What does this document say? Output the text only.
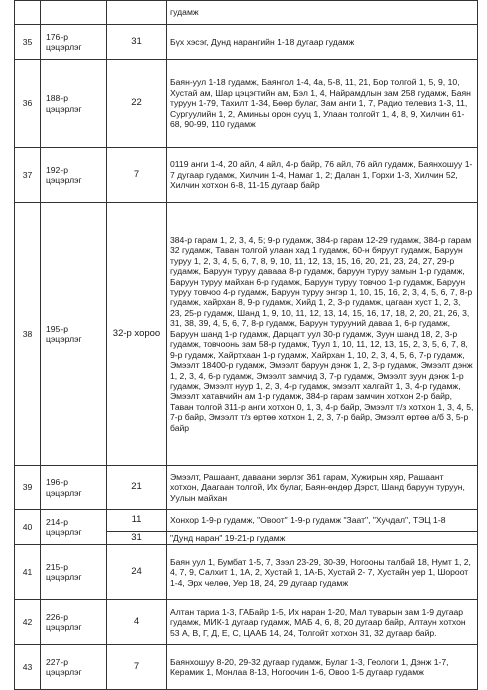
			гудамж
35	176-р цэцэрлэг	31	Бүх хэсэг, Дунд нарангийн 1-18 дугаар гудамж
36	188-р цэцэрлэг	22	Баян-уул 1-18 гудамж, Баянгол 1-4, 4а, 5-8, 11, 21, Бор толгой 1, 5, 9, 10, Хустай ам, Шар цэцэгтийн ам, Бэл 1, 4, Найрамдлын зам 258 гудамж, Баян туруун 1-79, Тахилт 1-34, Бөөр булаг, Зам анги 1, 7, Радио телевиз 1-3, 11, Сургуулийн 1, 2, Аминьы орон сууц 1, Улаан толгойт 1, 4, 8, 9, Хилчин 61-68, 90-99, 110 гудамж
37	192-р цэцэрлэг	7	0119 анги 1-4, 20 айл, 4 айл, 4-р байр, 76 айл, 76 айл гудамж, Баянхошуу 1-7 дугаар гудамж, Хилчин 1-4, Намаг 1, 2; Далан 1, Горхи 1-3, Хилчин 52, Хилчин хотхон 6-8, 11-15 дугаар байр
38	195-р цэцэрлэг	32-р хороо	384-р гарам 1, 2, 3, 4, 5; 9-р гудамж, 384-р гарам 12-29 гудамж, 384-р гарам 32 гудамж, Таван толгой улаан хад 1 гудамж, 60-н бяруут гудамж, Баруун туруу 1, 2, 3, 4, 5, 6, 7, 8, 9, 10, 11, 12, 13, 15, 16, 20, 21, 23, 24, 27, 29-р гудамж, Баруун туруу давааа 8-р гудамж, баруун туруу замын 1-р гудамж, Баруун туруу майхан 6-р гудамж, Баруун туруу товчоо 1-р гудамж, Баруун туруу товчоо 4-р гудамж, Баруун туруу энгэр 1, 10, 15, 16, 2, 3, 4, 5, 6, 7, 8-р гудамж, хайрхан 8, 9-р гудамж, Хийд 1, 2, 3-р гудамж, цагаан хуст 1, 2, 3, 23, 25-р гудамж, Шанд 1, 9, 10, 11, 12, 13, 14, 15, 16, 17, 18, 2, 20, 21, 26, 3, 31, 38, 39, 4, 5, 6, 7, 8-р гудамж, Баруун турууний даваа 1, 6-р гудамж, Баруун шанд 1-р гудамж, Дарцагт уул 30-р гудамж, Зуун шанд 18, 2, 3-р гудамж, товчоонь зам 58-р гудамж, Туул 1, 10, 11, 12, 13, 15, 2, 3, 5, 6, 7, 8, 9-р гудамж, Хайртхаан 1-р гудамж, Хайрхан 1, 10, 2, 3, 4, 5, 6, 7-р гудамж, Эмээлт 18400-р гудамж, Эмээлт баруун дэнж 1, 2, 3-р гудамж, Эмээлт дэнж 1, 2, 3, 4, 6-р гудамж, Эмээлт замчид 3, 7-р гудамж, Эмээлт зуун дэнж 1-р гудамж, Эмээлт нуур 1, 2, 3, 4-р гудамж, эмээлт халгайт 1, 3, 4-р гудамж, Эмээлт хатавчийн ам 1-р гудамж, 384-р гарам замчин хотхон 2-р байр, Таван толгой 311-р анги хотхон 0, 1, 3, 4-р байр, Эмээлт т/з хотхон 1, 3, 4, 5, 7-р байр, Эмээлт т/з өртөө хотхон 1, 2, 3, 7-р байр, Эмээлт өртөө а/б 3, 5-р байр
39	196-р цэцэрлэг	21	Эмээлт, Рашаант, даваани зөрлэг 361 гарам, Хужирын хяр, Рашаант хотхон, Даагаан толгой, Их булаг, Баян-өндөр Дэрст, Шанд баруун туруун, Уулын майхан
40	214-р цэцэрлэг	11	Хонхор 1-9-р гудамж, "Овоот" 1-9-р гудамж "Заат", "Хучдал", ТЭЦ 1-8
		31	"Дунд наран" 19-21-р гудамж
41	215-р цэцэрлэг	24	Баян уул 1, Бумбат 1-5, 7, Зээл 23-29, 30-39, Ногооны талбай 18, Нумт 1, 2, 4, 7, 9, Салхит 1, 1А, 2, Хустай 1, 1А-Б, Хустай 2- 7, Хустайн уер 1, Шороот 1-4, Эрх челөө, Уер 18, 24, 29 дугаар гудамж
42	226-р цэцэрлэг	4	Алтан тариа 1-3, ГАБайр 1-5, Их наран 1-20, Мал туварын зам 1-9 дугаар гудамж, МИК-1 дугаар гудамж, МАБ 4, 6, 8, 20 дугаар байр, Алтаун хотхон 53 А, В, Г, Д, Е, С, ЦААБ 14, 24, Толгойт хотхон 31, 32 дугаар байр.
43	227-р цэцэрлэг	7	Баянхошуу 8-20, 29-32 дугаар гудамж, Булаг 1-3, Геологи 1, Дэнж 1-7, Керамик 1, Монлаа 8-13, Ногоочин 1-6, Овоо 1-5 дугаар гудамж
